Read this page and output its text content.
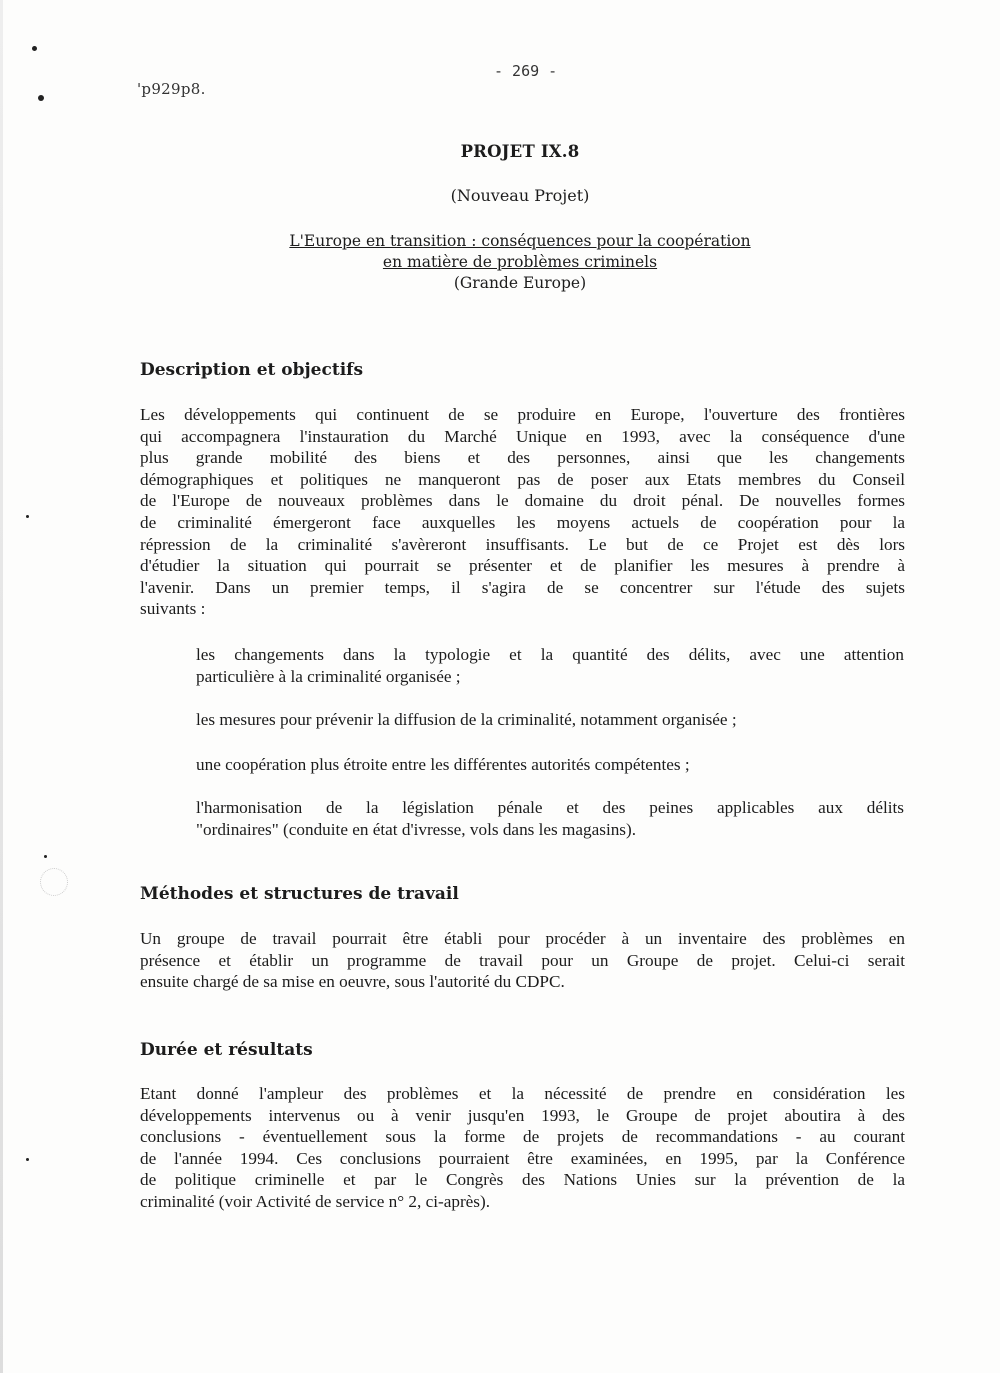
'p929p8.
- 269 -
PROJET IX.8
(Nouveau Projet)
L'Europe en transition : conséquences pour la coopération
en matière de problèmes criminels
(Grande Europe)
Description et objectifs
Les développements qui continuent de se produire en Europe, l'ouverture des frontières
qui accompagnera l'instauration du Marché Unique en 1993, avec la conséquence d'une
plus grande mobilité des biens et des personnes, ainsi que les changements
démographiques et politiques ne manqueront pas de poser aux Etats membres du Conseil
de l'Europe de nouveaux problèmes dans le domaine du droit pénal. De nouvelles formes
de criminalité émergeront face auxquelles les moyens actuels de coopération pour la
répression de la criminalité s'avèreront insuffisants. Le but de ce Projet est dès lors
d'étudier la situation qui pourrait se présenter et de planifier les mesures à prendre à
l'avenir. Dans un premier temps, il s'agira de se concentrer sur l'étude des sujets
suivants :
les changements dans la typologie et la quantité des délits, avec une attention
particulière à la criminalité organisée ;
les mesures pour prévenir la diffusion de la criminalité, notamment organisée ;
une coopération plus étroite entre les différentes autorités compétentes ;
l'harmonisation de la législation pénale et des peines applicables aux délits
"ordinaires" (conduite en état d'ivresse, vols dans les magasins).
Méthodes et structures de travail
Un groupe de travail pourrait être établi pour procéder à un inventaire des problèmes en
présence et établir un programme de travail pour un Groupe de projet. Celui-ci serait
ensuite chargé de sa mise en oeuvre, sous l'autorité du CDPC.
Durée et résultats
Etant donné l'ampleur des problèmes et la nécessité de prendre en considération les
développements intervenus ou à venir jusqu'en 1993, le Groupe de projet aboutira à des
conclusions - éventuellement sous la forme de projets de recommandations - au courant
de l'année 1994. Ces conclusions pourraient être examinées, en 1995, par la Conférence
de politique criminelle et par le Congrès des Nations Unies sur la prévention de la
criminalité (voir Activité de service n° 2, ci-après).
